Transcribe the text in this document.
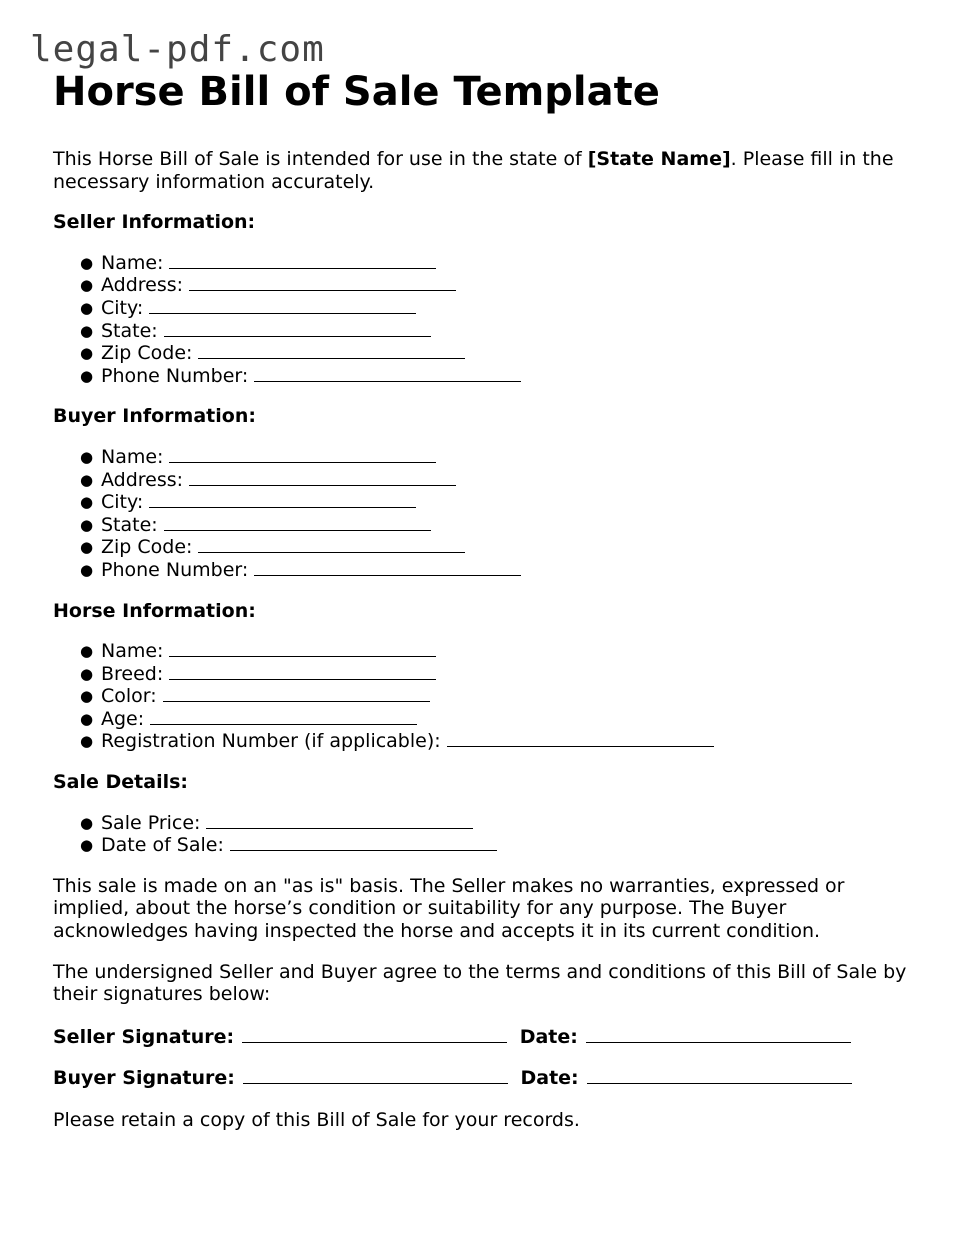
legal-pdf.com
Horse Bill of Sale Template

This Horse Bill of Sale is intended for use in the state of [State Name]. Please fill in the necessary information accurately.

Seller Information:
● Name:
● Address:
● City:
● State:
● Zip Code:
● Phone Number:
Buyer Information:
● Name:
● Address:
● City:
● State:
● Zip Code:
● Phone Number:
Horse Information:
● Name:
● Breed:
● Color:
● Age:
● Registration Number (if applicable):
Sale Details:
● Sale Price:
● Date of Sale:

This sale is made on an "as is" basis. The Seller makes no warranties, expressed or implied, about the horse’s condition or suitability for any purpose. The Buyer acknowledges having inspected the horse and accepts it in its current condition.

The undersigned Seller and Buyer agree to the terms and conditions of this Bill of Sale by their signatures below:

Seller Signature:	Date:
Buyer Signature:	Date:

Please retain a copy of this Bill of Sale for your records.
